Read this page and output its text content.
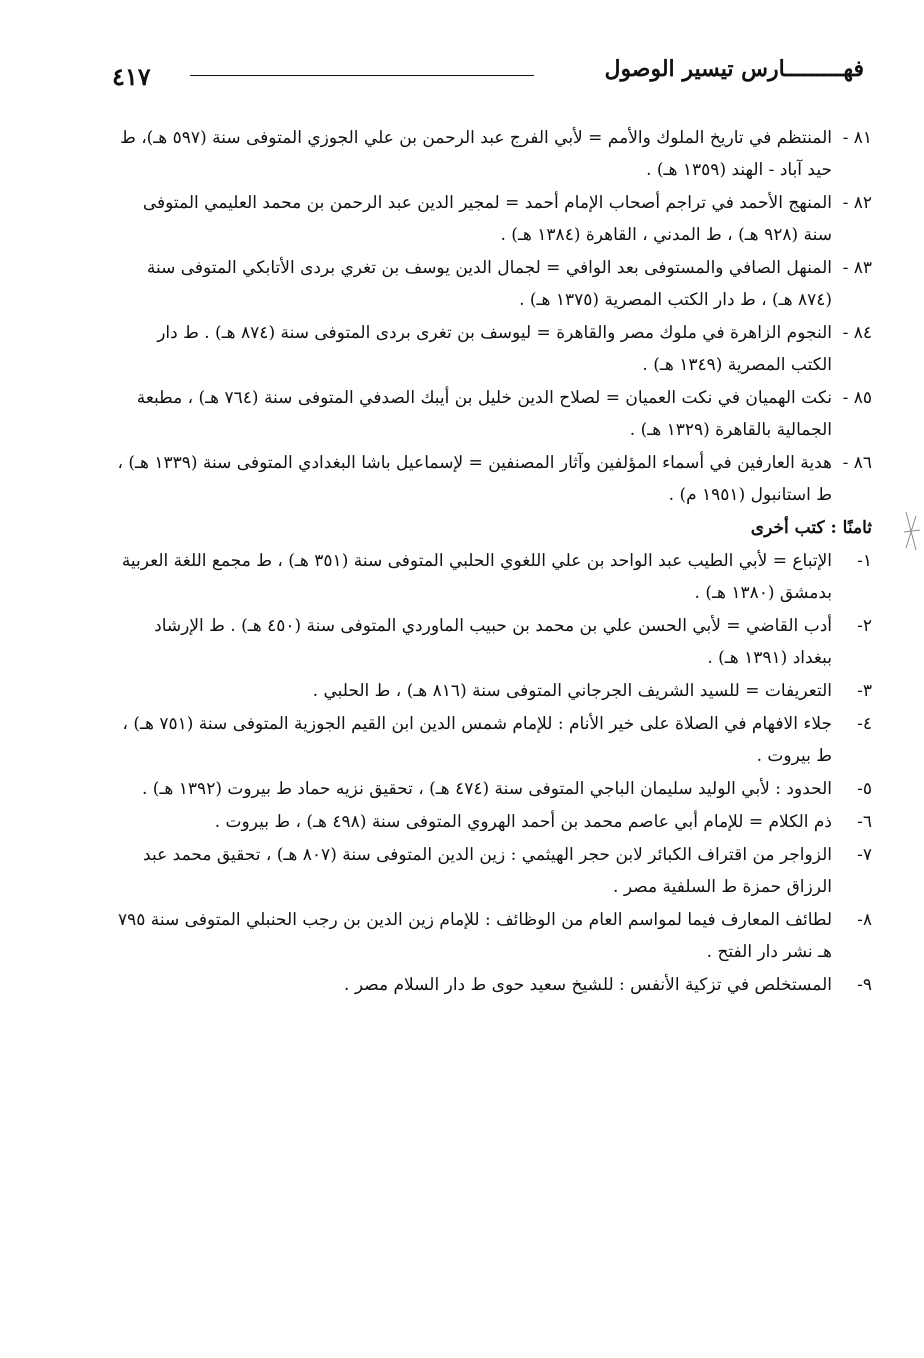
فهـــــــــارس تيسير الوصول
٤١٧
٨١ -
المنتظم في تاريخ الملوك والأمم = لأبي الفرج عبد الرحمن بن علي الجوزي المتوفى سنة (٥٩٧ هـ)، ط حيد آباد - الهند (١٣٥٩ هـ) .
٨٢ -
المنهج الأحمد في تراجم أصحاب الإمام أحمد = لمجير الدين عبد الرحمن بن محمد العليمي المتوفى سنة (٩٢٨ هـ) ، ط المدني ، القاهرة (١٣٨٤ هـ) .
٨٣ -
المنهل الصافي والمستوفى بعد الوافي = لجمال الدين يوسف بن تغري بردى الأتابكي المتوفى سنة (٨٧٤ هـ) ، ط دار الكتب المصرية (١٣٧٥ هـ) .
٨٤ -
النجوم الزاهرة في ملوك مصر والقاهرة = ليوسف بن تغرى بردى المتوفى سنة (٨٧٤ هـ) . ط دار الكتب المصرية (١٣٤٩ هـ) .
٨٥ -
نكت الهميان في نكت العميان = لصلاح الدين خليل بن أيبك الصدفي المتوفى سنة (٧٦٤ هـ) ، مطبعة الجمالية بالقاهرة (١٣٢٩ هـ) .
٨٦ -
هدية العارفين في أسماء المؤلفين وآثار المصنفين = لإسماعيل باشا البغدادي المتوفى سنة (١٣٣٩ هـ) ، ط استانبول (١٩٥١ م) .
ثامنًا : كتب أخرى
١-
الإتباع = لأبي الطيب عبد الواحد بن علي اللغوي الحلبي المتوفى سنة (٣٥١ هـ) ، ط مجمع اللغة العربية بدمشق (١٣٨٠ هـ) .
٢-
أدب القاضي = لأبي الحسن علي بن محمد بن حبيب الماوردي المتوفى سنة (٤٥٠ هـ) . ط الإرشاد ببغداد (١٣٩١ هـ) .
٣-
التعريفات = للسيد الشريف الجرجاني المتوفى سنة (٨١٦ هـ) ، ط الحلبي .
٤-
جلاء الافهام في الصلاة على خير الأنام : للإمام شمس الدين ابن القيم الجوزية المتوفى سنة (٧٥١ هـ) ، ط بيروت .
٥-
الحدود : لأبي الوليد سليمان الباجي المتوفى سنة (٤٧٤ هـ) ، تحقيق نزيه حماد ط بيروت (١٣٩٢ هـ) .
٦-
ذم الكلام = للإمام أبي عاصم محمد بن أحمد الهروي المتوفى سنة (٤٩٨ هـ) ، ط بيروت .
٧-
الزواجر من اقتراف الكبائر لابن حجر الهيثمي : زين الدين المتوفى سنة (٨٠٧ هـ) ، تحقيق محمد عبد الرزاق حمزة ط السلفية مصر .
٨-
لطائف المعارف فيما لمواسم العام من الوظائف : للإمام زين الدين بن رجب الحنبلي المتوفى سنة ٧٩٥ هـ نشر دار الفتح .
٩-
المستخلص في تزكية الأنفس : للشيخ سعيد حوى ط دار السلام مصر .
